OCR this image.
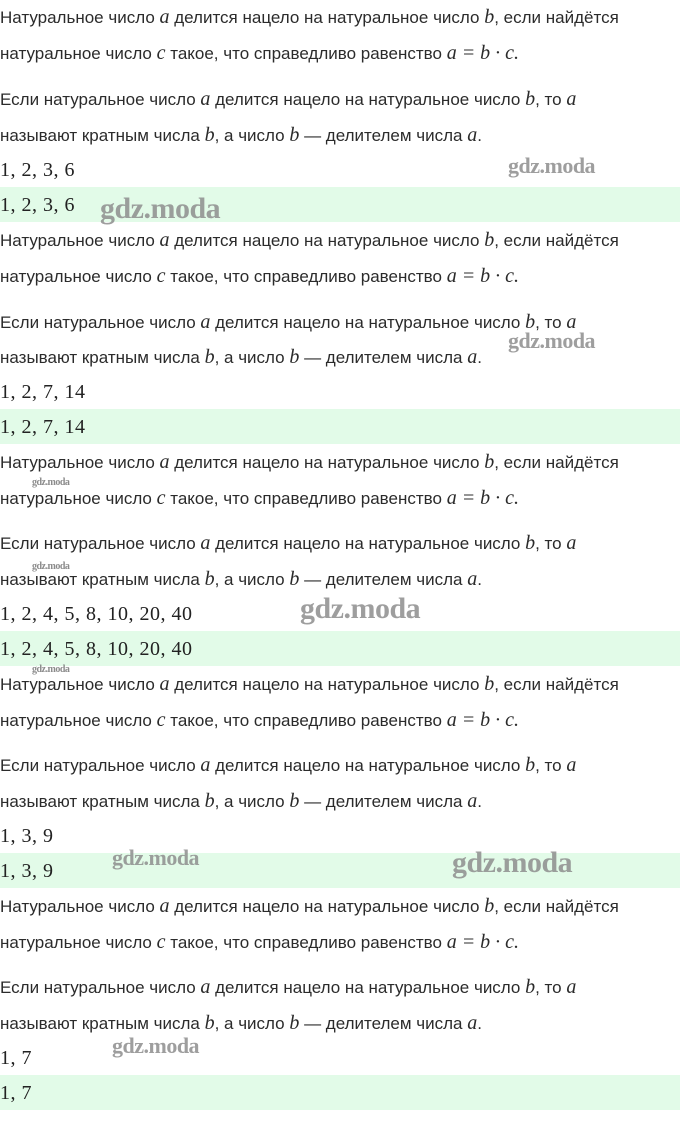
Натуральное число a делится нацело на натуральное число b, если найдётся
натуральное число c такое, что справедливо равенство a = b · c.
Если натуральное число a делится нацело на натуральное число b, то a
называют кратным числа b, а число b — делителем числа a.
1, 2, 3, 6
1, 2, 3, 6
Натуральное число a делится нацело на натуральное число b, если найдётся
натуральное число c такое, что справедливо равенство a = b · c.
Если натуральное число a делится нацело на натуральное число b, то a
называют кратным числа b, а число b — делителем числа a.
1, 2, 7, 14
1, 2, 7, 14
Натуральное число a делится нацело на натуральное число b, если найдётся
натуральное число c такое, что справедливо равенство a = b · c.
Если натуральное число a делится нацело на натуральное число b, то a
называют кратным числа b, а число b — делителем числа a.
1, 2, 4, 5, 8, 10, 20, 40
1, 2, 4, 5, 8, 10, 20, 40
Натуральное число a делится нацело на натуральное число b, если найдётся
натуральное число c такое, что справедливо равенство a = b · c.
Если натуральное число a делится нацело на натуральное число b, то a
называют кратным числа b, а число b — делителем числа a.
1, 3, 9
1, 3, 9
Натуральное число a делится нацело на натуральное число b, если найдётся
натуральное число c такое, что справедливо равенство a = b · c.
Если натуральное число a делится нацело на натуральное число b, то a
называют кратным числа b, а число b — делителем числа a.
1, 7
1, 7
gdz.moda
gdz.moda
gdz.moda
gdz.moda
gdz.moda
gdz.moda
gdz.moda
gdz.moda	gdz.moda
gdz.moda
